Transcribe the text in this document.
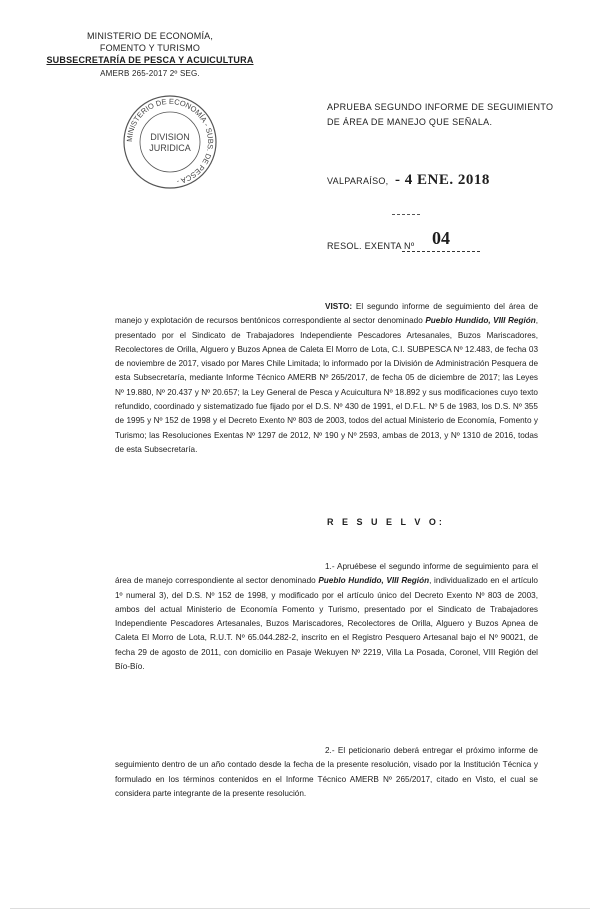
MINISTERIO DE ECONOMÍA,
FOMENTO Y TURISMO
SUBSECRETARÍA DE PESCA Y ACUICULTURA
AMERB 265-2017 2º SEG.
MINISTERIO DE ECONOMÍA - SUBS. DE PESCA -
DIVISION
JURIDICA
APRUEBA SEGUNDO INFORME DE SEGUIMIENTO
DE ÁREA DE MANEJO QUE SEÑALA.
VALPARAÍSO, - 4 ENE. 2018
RESOL. EXENTA Nº 04
VISTO: El segundo informe de seguimiento del área de manejo y explotación de recursos bentónicos correspondiente al sector denominado Pueblo Hundido, VIII Región, presentado por el Sindicato de Trabajadores Independiente Pescadores Artesanales, Buzos Mariscadores, Recolectores de Orilla, Alguero y Buzos Apnea de Caleta El Morro de Lota, C.I. SUBPESCA Nº 12.483, de fecha 03 de noviembre de 2017, visado por Mares Chile Limitada; lo informado por la División de Administración Pesquera de esta Subsecretaría, mediante Informe Técnico AMERB Nº 265/2017, de fecha 05 de diciembre de 2017; las Leyes Nº 19.880, Nº 20.437 y Nº 20.657; la Ley General de Pesca y Acuicultura Nº 18.892 y sus modificaciones cuyo texto refundido, coordinado y sistematizado fue fijado por el D.S. Nº 430 de 1991, el D.F.L. Nº 5 de 1983, los D.S. Nº 355 de 1995 y Nº 152 de 1998 y el Decreto Exento Nº 803 de 2003, todos del actual Ministerio de Economía, Fomento y Turismo; las Resoluciones Exentas Nº 1297 de 2012, Nº 190 y Nº 2593, ambas de 2013, y Nº 1310 de 2016, todas de esta Subsecretaría.
R E S U E L V O:
1.- Apruébese el segundo informe de seguimiento para el área de manejo correspondiente al sector denominado Pueblo Hundido, VIII Región, individualizado en el artículo 1º numeral 3), del D.S. Nº 152 de 1998, y modificado por el artículo único del Decreto Exento Nº 803 de 2003, ambos del actual Ministerio de Economía Fomento y Turismo, presentado por el Sindicato de Trabajadores Independiente Pescadores Artesanales, Buzos Mariscadores, Recolectores de Orilla, Alguero y Buzos Apnea de Caleta El Morro de Lota, R.U.T. Nº 65.044.282-2, inscrito en el Registro Pesquero Artesanal bajo el Nº 90021, de fecha 29 de agosto de 2011, con domicilio en Pasaje Wekuyen Nº 2219, Villa La Posada, Coronel, VIII Región del Bío-Bío.
2.- El peticionario deberá entregar el próximo informe de seguimiento dentro de un año contado desde la fecha de la presente resolución, visado por la Institución Técnica y formulado en los términos contenidos en el Informe Técnico AMERB Nº 265/2017, citado en Visto, el cual se considera parte integrante de la presente resolución.
